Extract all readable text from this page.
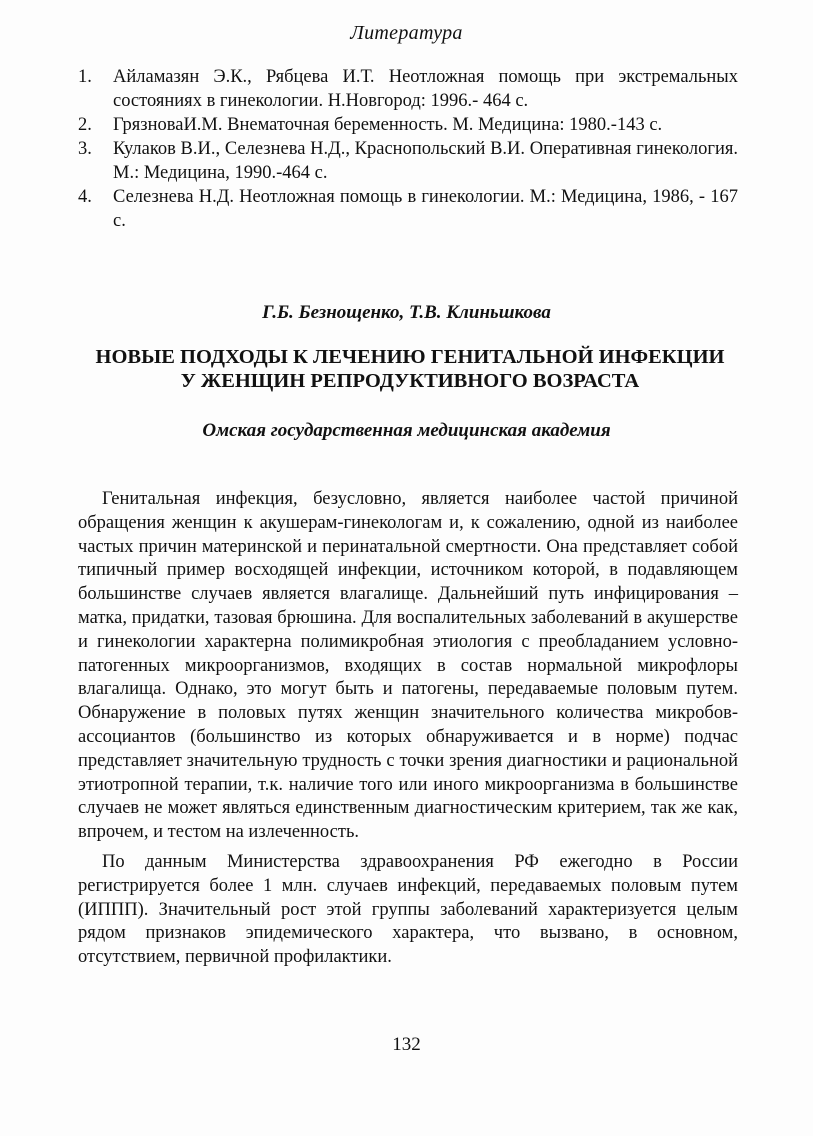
Литература
1. Айламазян Э.К., Рябцева И.Т. Неотложная помощь при экстремальных состояниях в гинекологии. Н.Новгород: 1996.- 464 с.
2. ГрязноваИ.М. Внематочная беременность. М. Медицина: 1980.-143 с.
3. Кулаков В.И., Селезнева Н.Д., Краснопольский В.И. Оперативная гинекология. М.: Медицина, 1990.-464 с.
4. Селезнева Н.Д. Неотложная помощь в гинекологии. М.: Медицина, 1986, - 167 с.
Г.Б. Безнощенко, Т.В. Клиньшкова
НОВЫЕ ПОДХОДЫ К ЛЕЧЕНИЮ ГЕНИТАЛЬНОЙ ИНФЕКЦИИ
У ЖЕНЩИН РЕПРОДУКТИВНОГО ВОЗРАСТА
Омская государственная медицинская академия

Генитальная инфекция, безусловно, является наиболее частой причиной обращения женщин к акушерам-гинекологам и, к сожалению, одной из наиболее частых причин материнской и перинатальной смертности. Она представляет собой типичный пример восходящей инфекции, источником которой, в подавляющем большинстве случаев является влагалище. Дальнейший путь инфицирования – матка, придатки, тазовая брюшина. Для воспалительных заболеваний в акушерстве и гинекологии характерна полимикробная этиология с преобладанием условно-патогенных микроорганизмов, входящих в состав нормальной микрофлоры влагалища. Однако, это могут быть и патогены, передаваемые половым путем. Обнаружение в половых путях женщин значительного количества микробов-ассоциантов (большинство из которых обнаруживается и в норме) подчас представляет значительную трудность с точки зрения диагностики и рациональной этиотропной терапии, т.к. наличие того или иного микроорганизма в большинстве случаев не может являться единственным диагностическим критерием, так же как, впрочем, и тестом на излеченность.

По данным Министерства здравоохранения РФ ежегодно в России регистрируется более 1 млн. случаев инфекций, передаваемых половым путем (ИППП). Значительный рост этой группы заболеваний характеризуется целым рядом признаков эпидемического характера, что вызвано, в основном, отсутствием, первичной профилактики.

132
